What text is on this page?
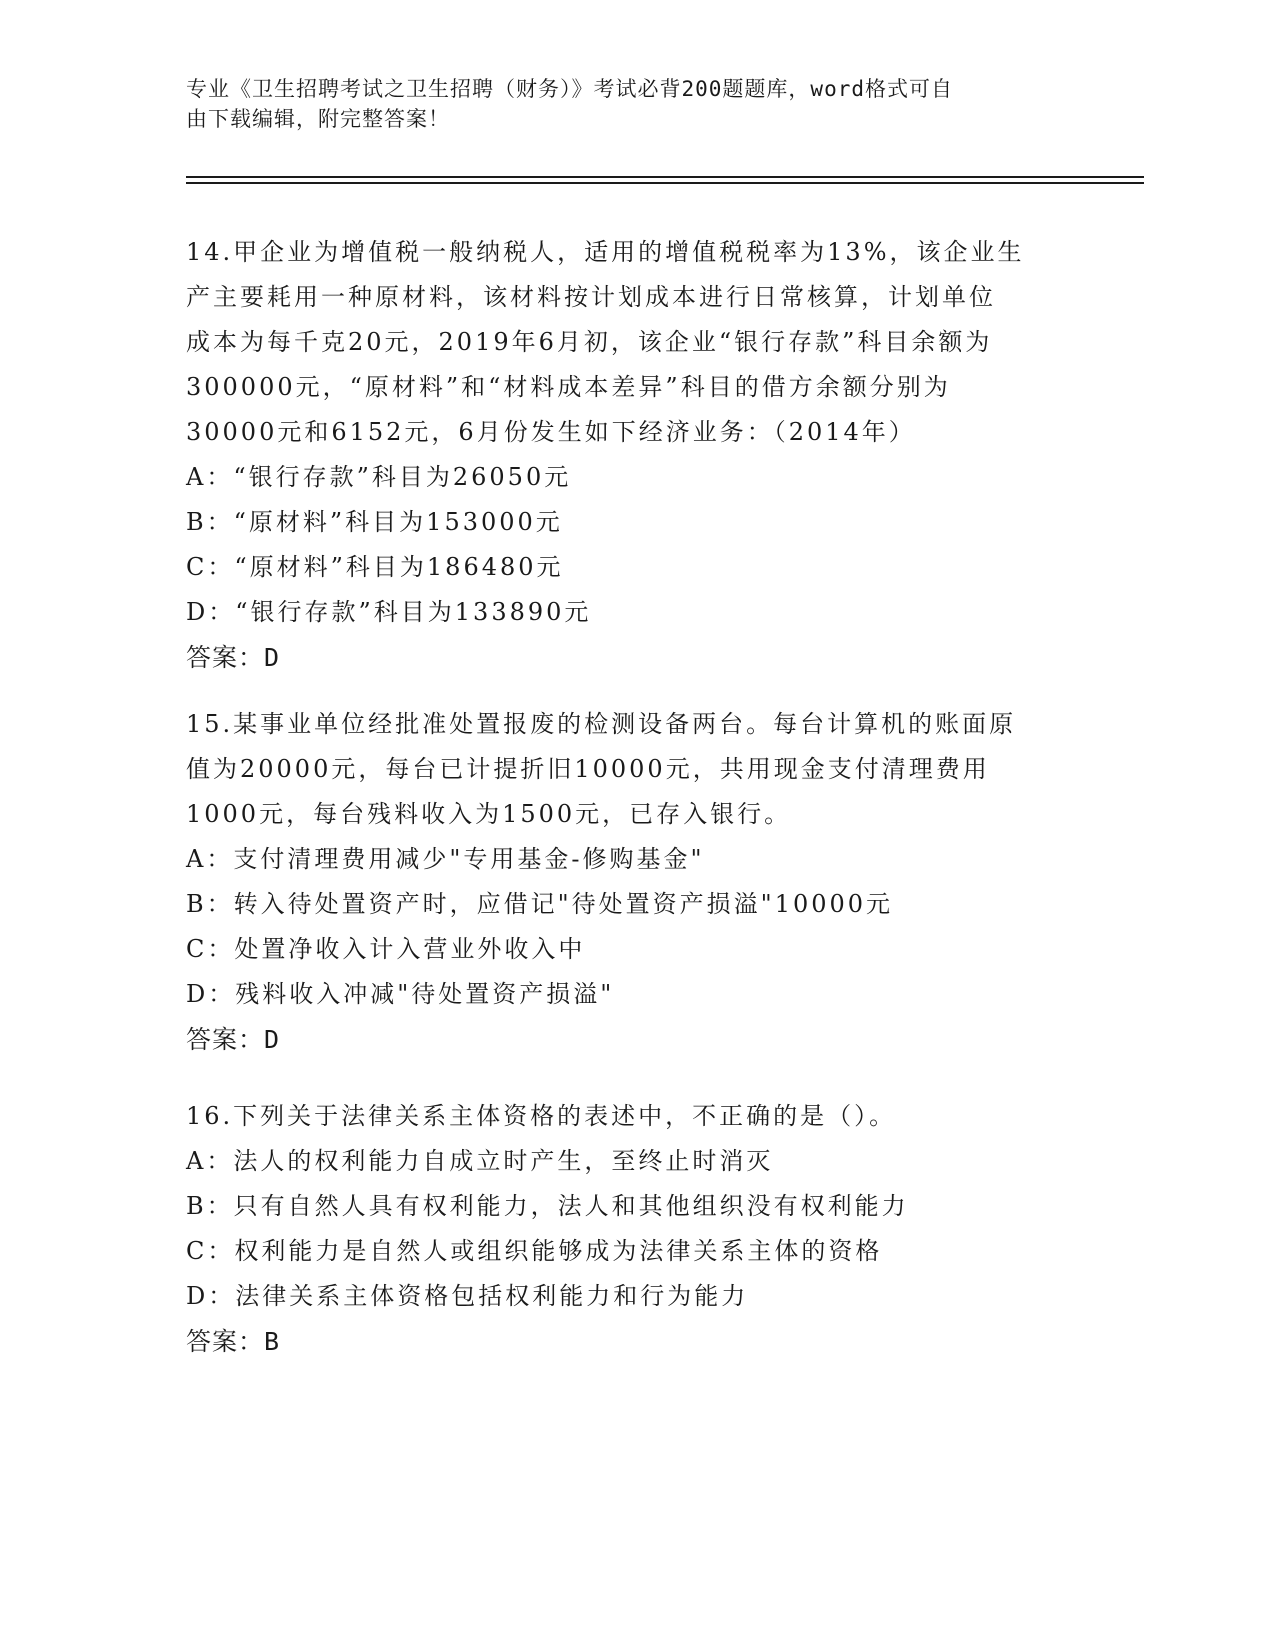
专业《卫生招聘考试之卫生招聘（财务）》考试必背200题题库，word格式可自
由下载编辑，附完整答案！
14.甲企业为增值税一般纳税人，适用的增值税税率为13%，该企业生
产主要耗用一种原材料，该材料按计划成本进行日常核算，计划单位
成本为每千克20元，2019年6月初，该企业“银行存款”科目余额为
300000元，“原材料”和“材料成本差异”科目的借方余额分别为
30000元和6152元，6月份发生如下经济业务：（2014年）
A：“银行存款”科目为26050元
B：“原材料”科目为153000元
C：“原材料”科目为186480元
D：“银行存款”科目为133890元
答案：D
15.某事业单位经批准处置报废的检测设备两台。每台计算机的账面原
值为20000元，每台已计提折旧10000元，共用现金支付清理费用
1000元，每台残料收入为1500元，已存入银行。
A：支付清理费用减少"专用基金-修购基金"
B：转入待处置资产时，应借记"待处置资产损溢"10000元
C：处置净收入计入营业外收入中
D：残料收入冲减"待处置资产损溢"
答案：D
16.下列关于法律关系主体资格的表述中，不正确的是（）。
A：法人的权利能力自成立时产生，至终止时消灭
B：只有自然人具有权利能力，法人和其他组织没有权利能力
C：权利能力是自然人或组织能够成为法律关系主体的资格
D：法律关系主体资格包括权利能力和行为能力
答案：B
